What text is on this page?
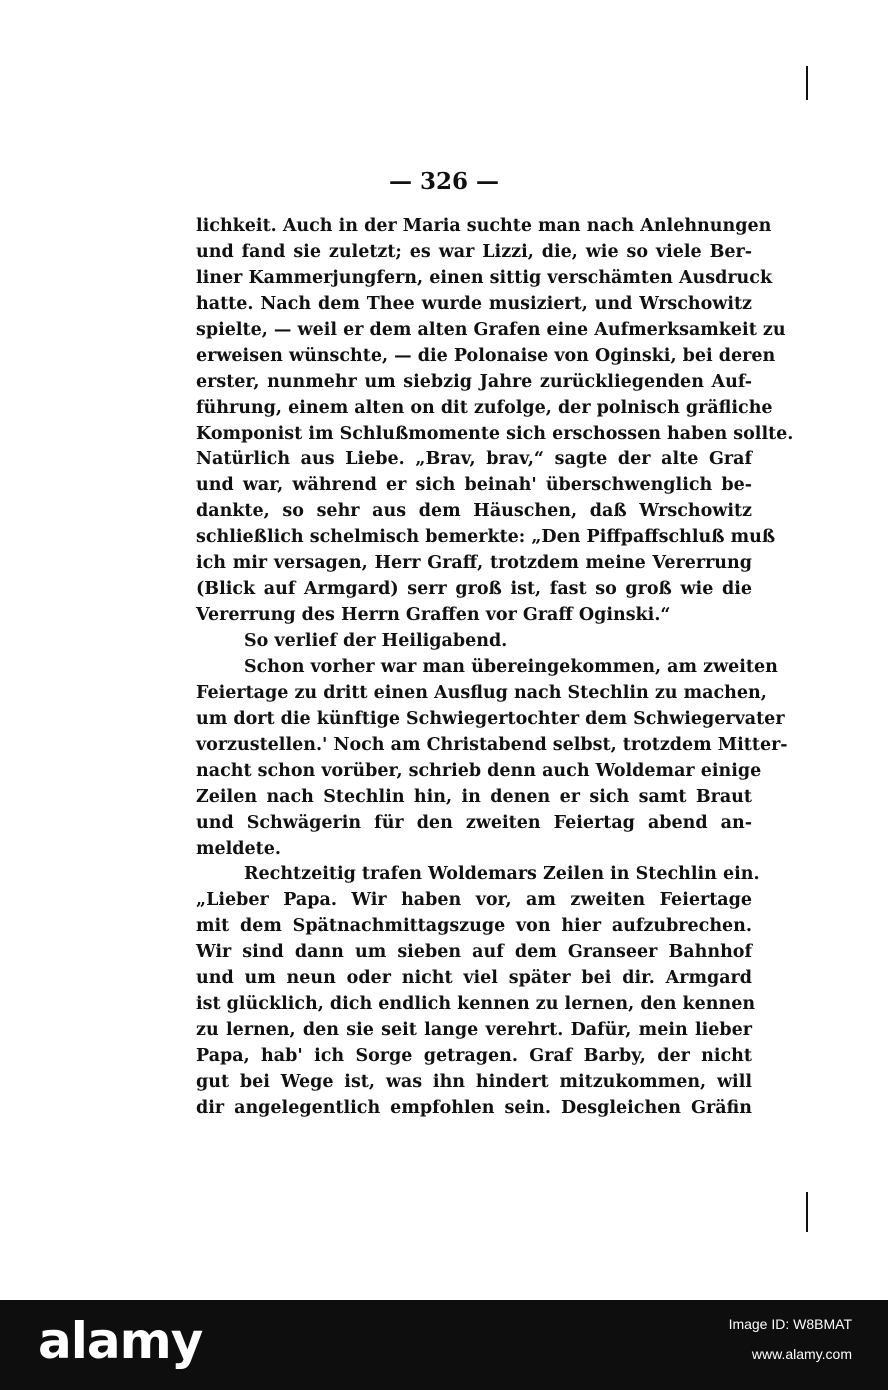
— 326 —
lichkeit. Auch in der Maria suchte man nach Anlehnungen
und fand sie zuletzt; es war Lizzi, die, wie so viele Ber-
liner Kammerjungfern, einen sittig verschämten Ausdruck
hatte. Nach dem Thee wurde musiziert, und Wrschowitz
spielte, — weil er dem alten Grafen eine Aufmerksamkeit zu
erweisen wünschte, — die Polonaise von Oginski, bei deren
erster, nunmehr um siebzig Jahre zurückliegenden Auf-
führung, einem alten on dit zufolge, der polnisch gräfliche
Komponist im Schlußmomente sich erschossen haben sollte.
Natürlich aus Liebe. „Brav, brav,“ sagte der alte Graf
und war, während er sich beinah' überschwenglich be-
dankte, so sehr aus dem Häuschen, daß Wrschowitz
schließlich schelmisch bemerkte: „Den Piffpaffschluß muß
ich mir versagen, Herr Graff, trotzdem meine Vererrung
(Blick auf Armgard) serr groß ist, fast so groß wie die
Vererrung des Herrn Graffen vor Graff Oginski.“
So verlief der Heiligabend.
Schon vorher war man übereingekommen, am zweiten
Feiertage zu dritt einen Ausflug nach Stechlin zu machen,
um dort die künftige Schwiegertochter dem Schwiegervater
vorzustellen.' Noch am Christabend selbst, trotzdem Mitter-
nacht schon vorüber, schrieb denn auch Woldemar einige
Zeilen nach Stechlin hin, in denen er sich samt Braut
und Schwägerin für den zweiten Feiertag abend an-
meldete.
Rechtzeitig trafen Woldemars Zeilen in Stechlin ein.
„Lieber Papa. Wir haben vor, am zweiten Feiertage
mit dem Spätnachmittagszuge von hier aufzubrechen.
Wir sind dann um sieben auf dem Granseer Bahnhof
und um neun oder nicht viel später bei dir. Armgard
ist glücklich, dich endlich kennen zu lernen, den kennen
zu lernen, den sie seit lange verehrt. Dafür, mein lieber
Papa, hab' ich Sorge getragen. Graf Barby, der nicht
gut bei Wege ist, was ihn hindert mitzukommen, will
dir angelegentlich empfohlen sein. Desgleichen Gräfin
alamy	Image ID: W8BMAT
www.alamy.com
